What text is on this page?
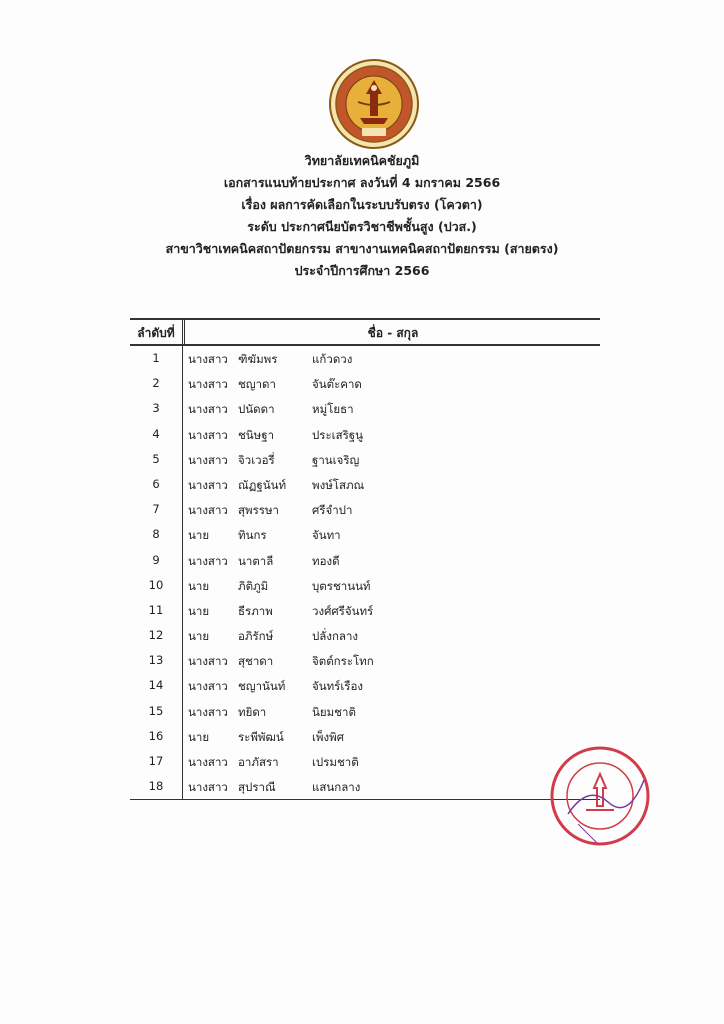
วิทยาลัยเทคนิคชัยภูมิ
เอกสารแนบท้ายประกาศ ลงวันที่ 4 มกราคม 2566
เรื่อง ผลการคัดเลือกในระบบรับตรง (โควตา)
ระดับ ประกาศนียบัตรวิชาชีพชั้นสูง (ปวส.)
สาขาวิชาเทคนิคสถาปัตยกรรม สาขางานเทคนิคสถาปัตยกรรม (สายตรง)
ประจำปีการศึกษา 2566
ลำดับที่	ชื่อ - สกุล
1	นางสาว ฑิฆัมพร	แก้วดวง
2	นางสาว ชญาดา	จันต๊ะคาด
3	นางสาว ปนัดดา	หมู่โยธา
4	นางสาว ชนิษฐา	ประเสริฐนู
5	นางสาว จิวเวอรี่	ฐานเจริญ
6	นางสาว ณัฏฐนันท์ พงษ์โสภณ
7	นางสาว สุพรรษา	ศรีจำปา
8	นาย	ทินกร	จันทา
9	นางสาว นาตาลี	ทองดี
10	นาย	ภิติภูมิ	บุตรชานนท์
11	นาย	ธีรภาพ	วงศ์ศรีจันทร์
12	นาย	อภิรักษ์	ปลั่งกลาง
13	นางสาว สุชาดา	จิตต์กระโทก
14	นางสาว ชญานันท์ จันทร์เรือง
15	นางสาว ทยิดา	นิยมชาติ
16	นาย	ระพีพัฒน์ เพ็งพิศ
17	นางสาว อาภัสรา	เปรมชาติ
18	นางสาว สุปราณี	แสนกลาง
